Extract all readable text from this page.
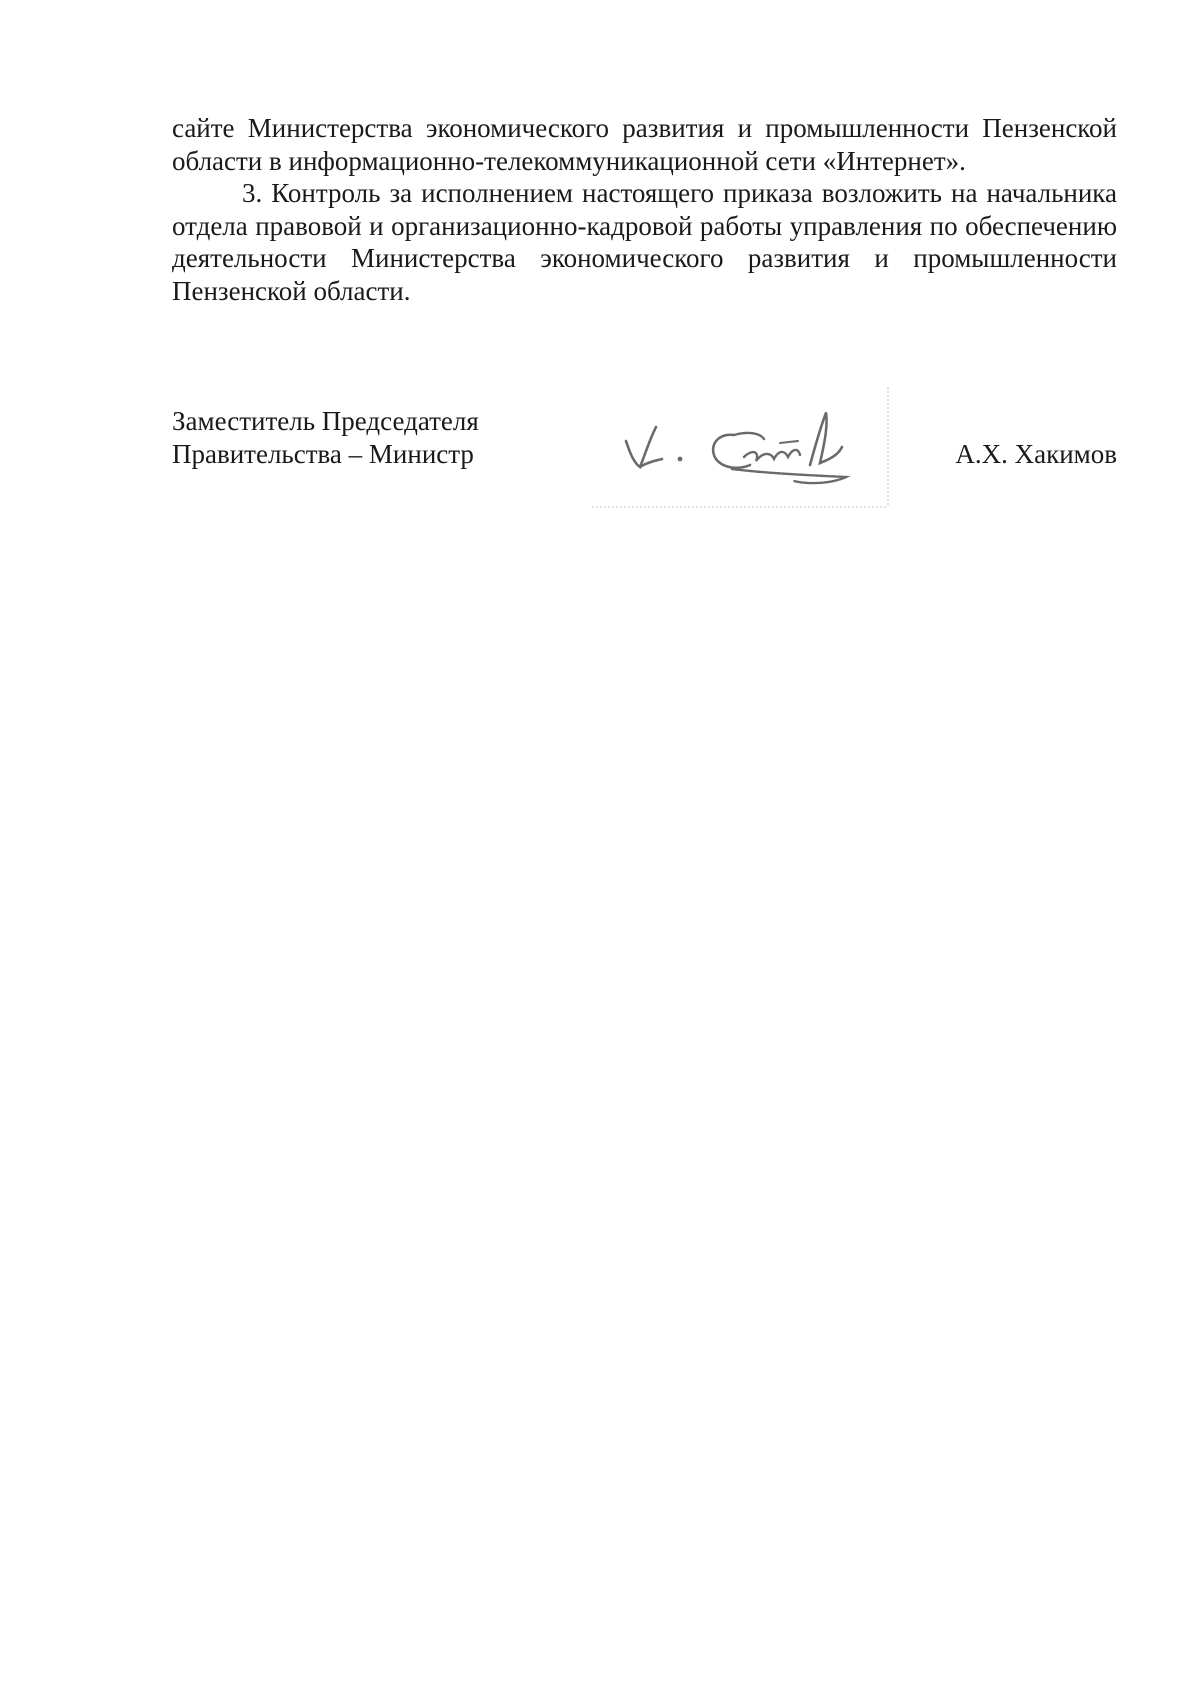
сайте Министерства экономического развития и промышленности Пензенской области в информационно-телекоммуникационной сети «Интернет».

3. Контроль за исполнением настоящего приказа возложить на начальника отдела правовой и организационно-кадровой работы управления по обеспечению деятельности Министерства экономического развития и промышленности Пензенской области.

Заместитель Председателя
Правительства – Министр	А.Х. Хакимов
